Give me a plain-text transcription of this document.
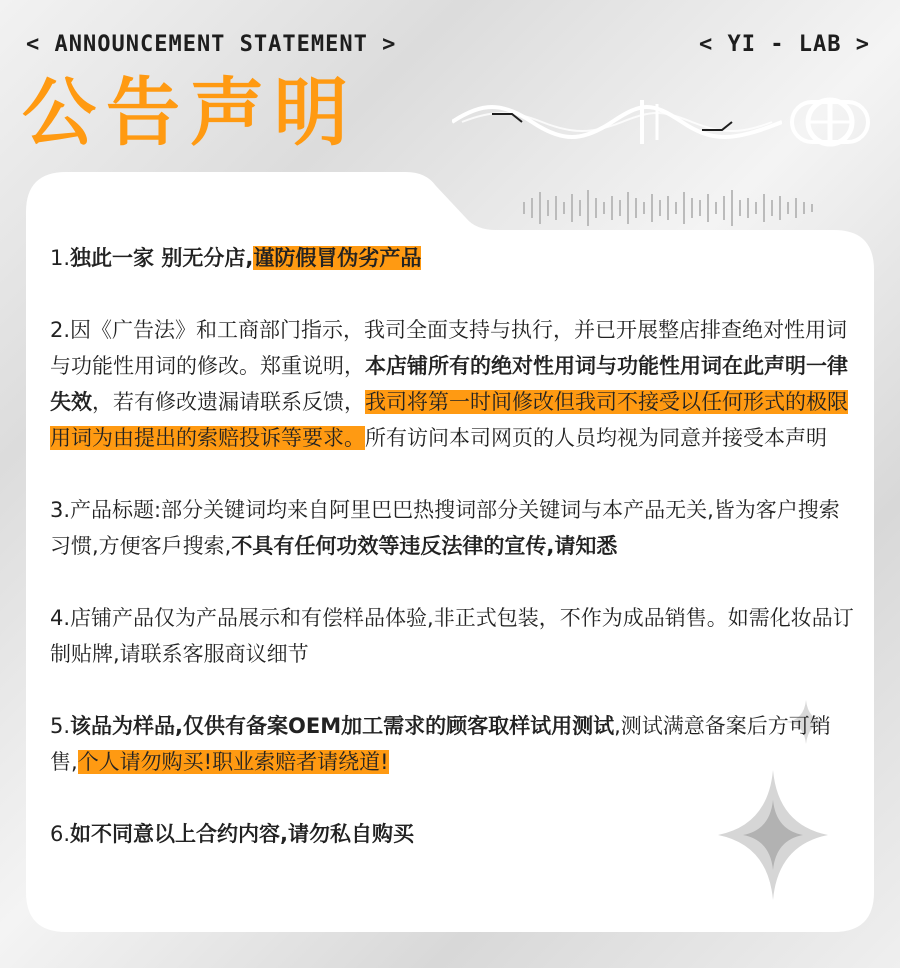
< ANNOUNCEMENT STATEMENT >	< YI - LAB >
公告声明

1.独此一家 别无分店,谨防假冒伪劣产品

2.因《广告法》和工商部门指示，我司全面支持与执行，并已开展整店排查绝对性用词与功能性用词的修改。郑重说明，本店铺所有的绝对性用词与功能性用词在此声明一律失效，若有修改遗漏请联系反馈，我司将第一时间修改但我司不接受以任何形式的极限用词为由提出的索赔投诉等要求。所有访问本司网页的人员均视为同意并接受本声明

3.产品标题:部分关键词均来自阿里巴巴热搜词部分关键词与本产品无关,皆为客户搜索习惯,方便客戶搜索,不具有任何功效等违反法律的宣传,请知悉

4.店铺产品仅为产品展示和有偿样品体验,非正式包装，不作为成品销售。如需化妆品订制贴牌,请联系客服商议细节

5.该品为样品,仅供有备案OEM加工需求的顾客取样试用测试,测试满意备案后方可销售,个人请勿购买!职业索赔者请绕道!

6.如不同意以上合约内容,请勿私自购买
